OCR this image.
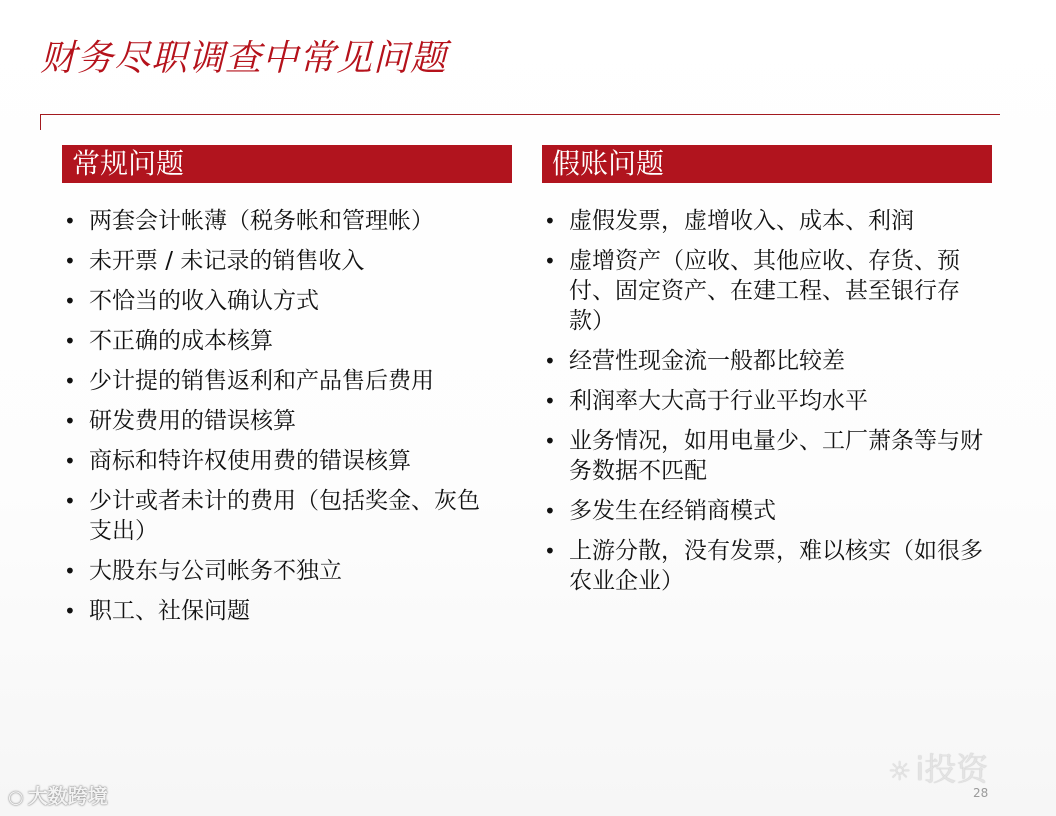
财务尽职调查中常见问题
常规问题	假账问题
• 两套会计帐薄（税务帐和管理帐）
• 未开票 / 未记录的销售收入
• 不恰当的收入确认方式
• 不正确的成本核算
• 少计提的销售返利和产品售后费用
• 研发费用的错误核算
• 商标和特许权使用费的错误核算
• 少计或者未计的费用（包括奖金、灰色支出）
• 大股东与公司帐务不独立
• 职工、社保问题
• 虚假发票，虚增收入、成本、利润
• 虚增资产（应收、其他应收、存货、预付、固定资产、在建工程、甚至银行存款）
• 经营性现金流一般都比较差
• 利润率大大高于行业平均水平
• 业务情况，如用电量少、工厂萧条等与财务数据不匹配
• 多发生在经销商模式
• 上游分散，没有发票，难以核实（如很多农业企业）
○ 大数跨境
☼ i投资
28
